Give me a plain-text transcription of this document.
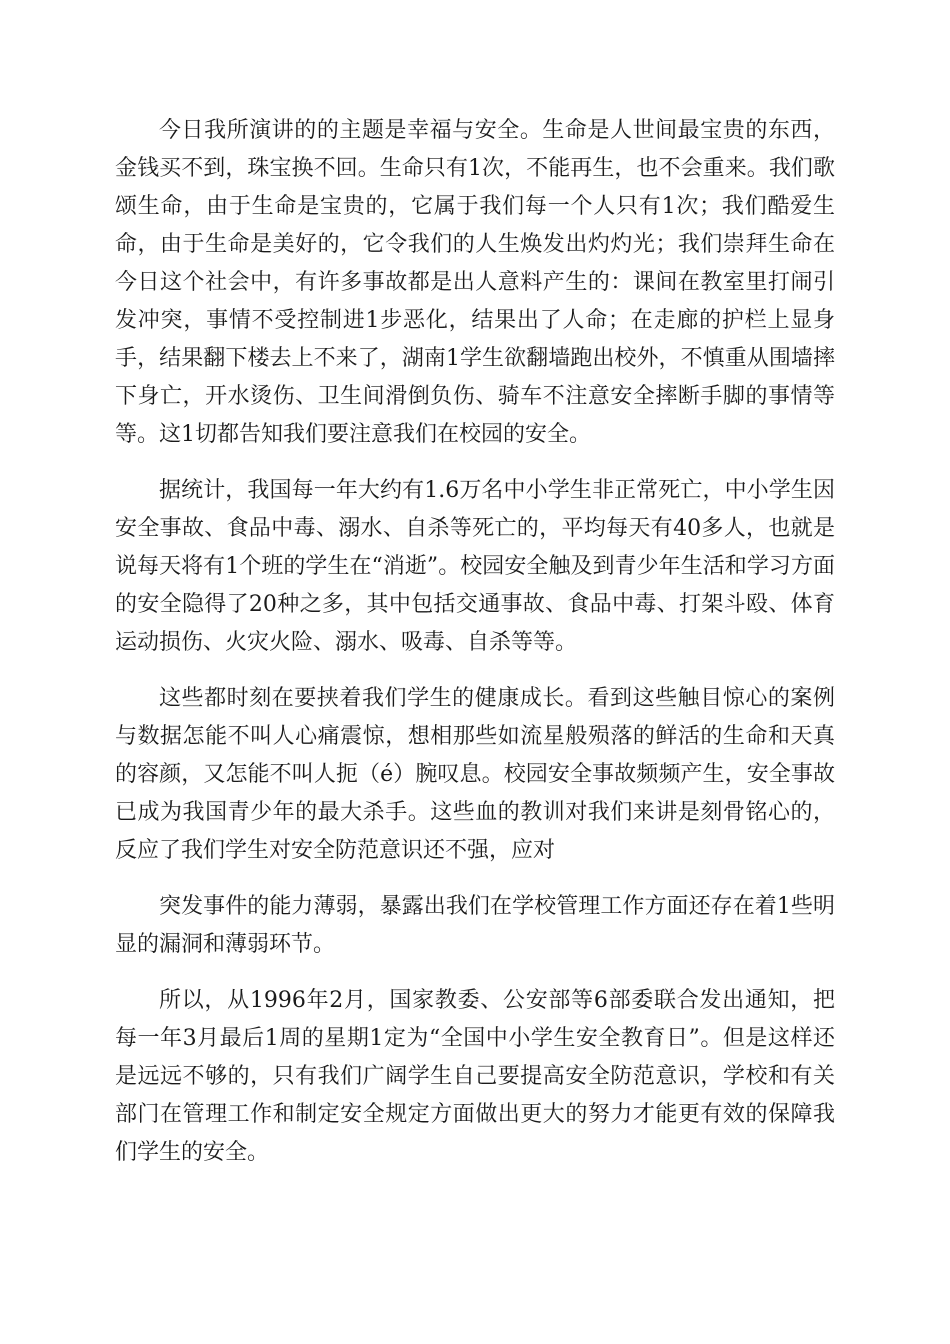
今日我所演讲的的主题是幸福与安全。生命是人世间最宝贵的东西，金钱买不到，珠宝换不回。生命只有1次，不能再生，也不会重来。我们歌颂生命，由于生命是宝贵的，它属于我们每一个人只有1次；我们酷爱生命，由于生命是美好的，它令我们的人生焕发出灼灼光；我们崇拜生命在今日这个社会中，有许多事故都是出人意料产生的：课间在教室里打闹引发冲突，事情不受控制进1步恶化，结果出了人命；在走廊的护栏上显身手，结果翻下楼去上不来了，湖南1学生欲翻墙跑出校外，不慎重从围墙摔下身亡，开水烫伤、卫生间滑倒负伤、骑车不注意安全摔断手脚的事情等等。这1切都告知我们要注意我们在校园的安全。

据统计，我国每一年大约有1.6万名中小学生非正常死亡，中小学生因安全事故、食品中毒、溺水、自杀等死亡的，平均每天有40多人，也就是说每天将有1个班的学生在“消逝”。校园安全触及到青少年生活和学习方面的安全隐得了20种之多，其中包括交通事故、食品中毒、打架斗殴、体育运动损伤、火灾火险、溺水、吸毒、自杀等等。

这些都时刻在要挟着我们学生的健康成长。看到这些触目惊心的案例与数据怎能不叫人心痛震惊，想相那些如流星般殒落的鲜活的生命和天真的容颜，又怎能不叫人扼（é）腕叹息。校园安全事故频频产生，安全事故已成为我国青少年的最大杀手。这些血的教训对我们来讲是刻骨铭心的，反应了我们学生对安全防范意识还不强，应对

突发事件的能力薄弱，暴露出我们在学校管理工作方面还存在着1些明显的漏洞和薄弱环节。

所以，从1996年2月，国家教委、公安部等6部委联合发出通知，把每一年3月最后1周的星期1定为“全国中小学生安全教育日”。但是这样还是远远不够的，只有我们广阔学生自己要提高安全防范意识，学校和有关部门在管理工作和制定安全规定方面做出更大的努力才能更有效的保障我们学生的安全。
